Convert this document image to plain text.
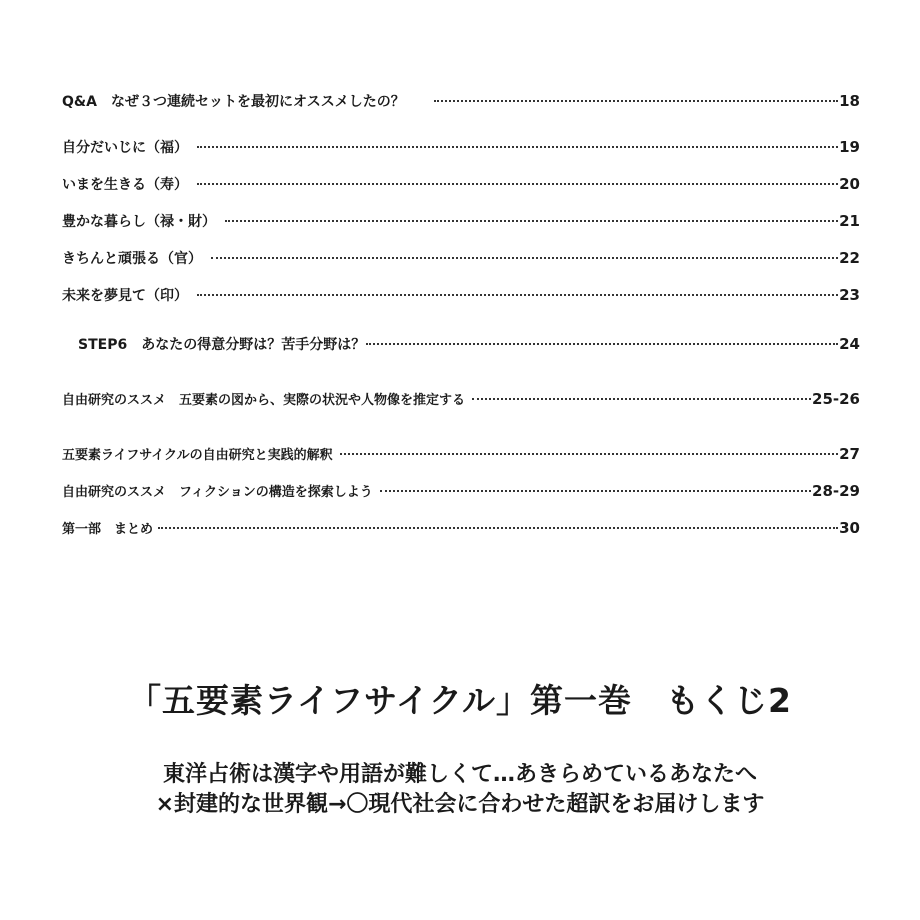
Q&A　なぜ３つ連続セットを最初にオススメしたの？	18
自分だいじに（福）	19
いまを生きる（寿）	20
豊かな暮らし（禄・財）	21
きちんと頑張る（官）	22
未来を夢見て（印）	23
STEP6　あなたの得意分野は？苦手分野は？	24
自由研究のススメ　五要素の図から、実際の状況や人物像を推定する	25-26
五要素ライフサイクルの自由研究と実践的解釈	27
自由研究のススメ　フィクションの構造を探索しよう	28-29
第一部　まとめ	30
「五要素ライフサイクル」第一巻　もくじ2
東洋占術は漢字や用語が難しくて…あきらめているあなたへ
×封建的な世界観→〇現代社会に合わせた超訳をお届けします
